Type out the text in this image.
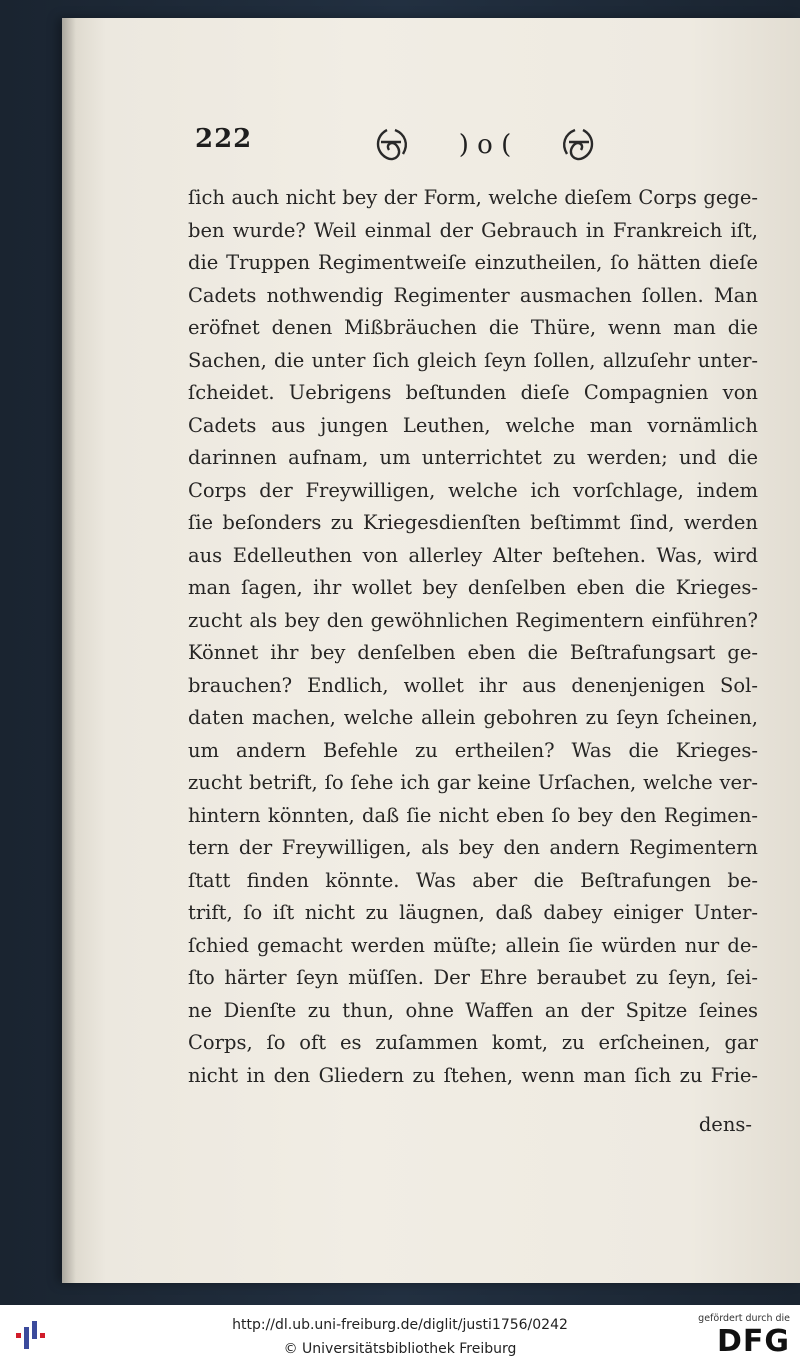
222	) o (
ſich auch nicht bey der Form, welche dieſem Corps gege-
ben wurde? Weil einmal der Gebrauch in Frankreich iſt,
die Truppen Regimentweiſe einzutheilen, ſo hätten dieſe
Cadets nothwendig Regimenter ausmachen ſollen. Man
eröfnet denen Mißbräuchen die Thüre, wenn man die
Sachen, die unter ſich gleich ſeyn ſollen, allzuſehr unter-
ſcheidet. Uebrigens beſtunden dieſe Compagnien von
Cadets aus jungen Leuthen, welche man vornämlich
darinnen aufnam, um unterrichtet zu werden; und die
Corps der Freywilligen, welche ich vorſchlage, indem
ſie beſonders zu Kriegesdienſten beſtimmt ſind, werden
aus Edelleuthen von allerley Alter beſtehen. Was, wird
man ſagen, ihr wollet bey denſelben eben die Krieges-
zucht als bey den gewöhnlichen Regimentern einführen?
Könnet ihr bey denſelben eben die Beſtrafungsart ge-
brauchen? Endlich, wollet ihr aus denenjenigen Sol-
daten machen, welche allein gebohren zu ſeyn ſcheinen,
um andern Befehle zu ertheilen? Was die Krieges-
zucht betrift, ſo ſehe ich gar keine Urſachen, welche ver-
hintern könnten, daß ſie nicht eben ſo bey den Regimen-
tern der Freywilligen, als bey den andern Regimentern
ſtatt finden könnte. Was aber die Beſtrafungen be-
trift, ſo iſt nicht zu läugnen, daß dabey einiger Unter-
ſchied gemacht werden müſte; allein ſie würden nur de-
ſto härter ſeyn müſſen. Der Ehre beraubet zu ſeyn, ſei-
ne Dienſte zu thun, ohne Waffen an der Spitze ſeines
Corps, ſo oft es zuſammen komt, zu erſcheinen, gar
nicht in den Gliedern zu ſtehen, wenn man ſich zu Frie-
dens-
http://dl.ub.uni-freiburg.de/diglit/justi1756/0242
© Universitätsbibliothek Freiburg
gefördert durch die
DFG
